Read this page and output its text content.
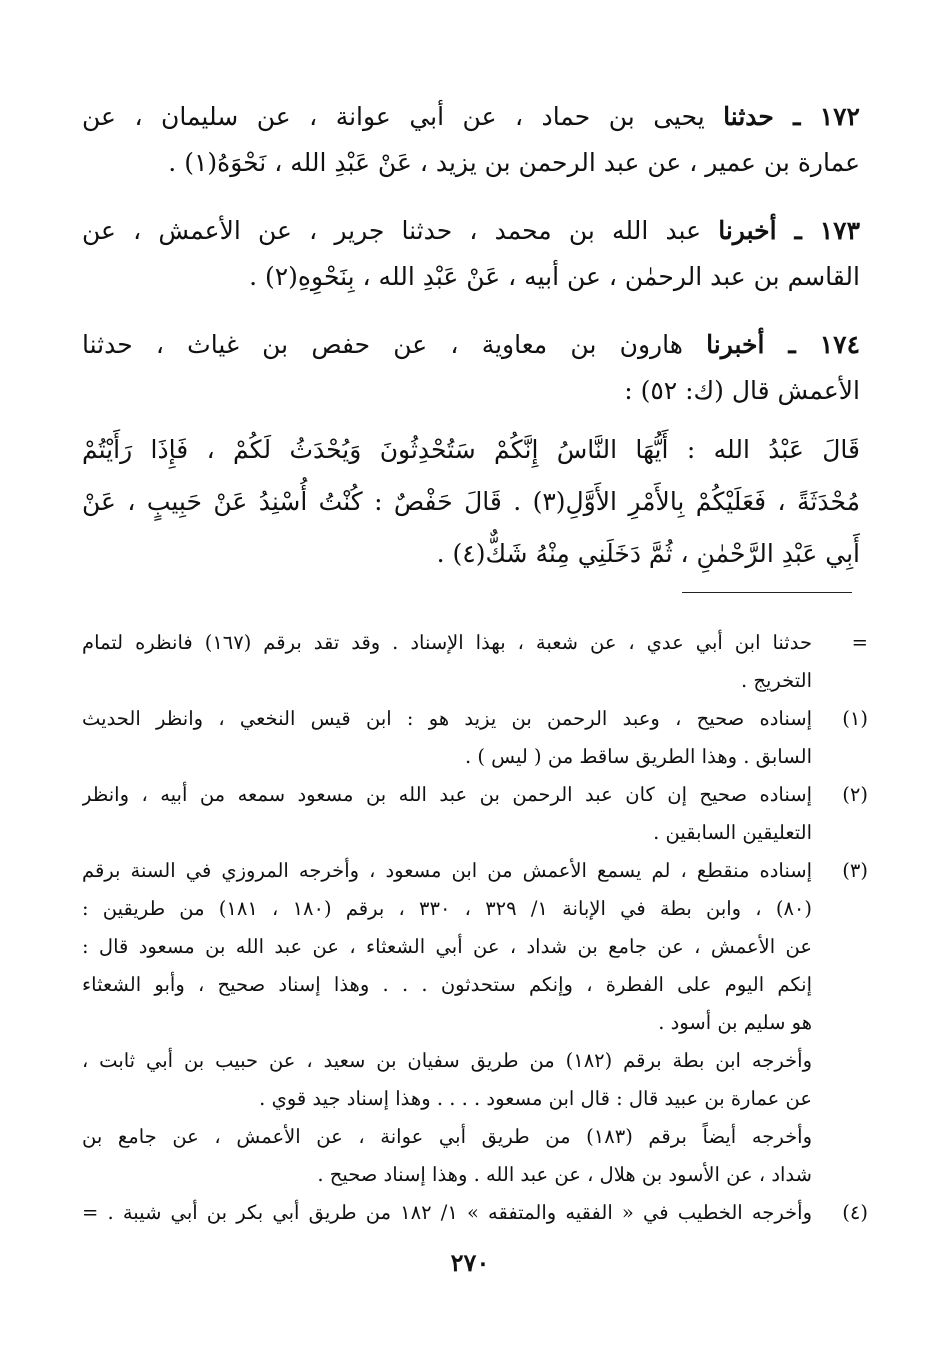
١٧٢ ـ حدثنا يحيى بن حماد ، عن أبي عوانة ، عن سليمان ، عن
عمارة بن عمير ، عن عبد الرحمن بن يزيد ، عَنْ عَبْدِ الله ، نَحْوَهُ(١) .
١٧٣ ـ أخبرنا عبد الله بن محمد ، حدثنا جرير ، عن الأعمش ، عن
القاسم بن عبد الرحمٰن ، عن أبيه ، عَنْ عَبْدِ الله ، بِنَحْوِهِ(٢) .
١٧٤ ـ أخبرنا هارون بن معاوية ، عن حفص بن غياث ، حدثنا
الأعمش قال (ك: ٥٢) :
قَالَ عَبْدُ الله : أَيُّهَا النَّاسُ إِنَّكُمْ سَتُحْدِثُونَ وَيُحْدَثُ لَكُمْ ، فَإِذَا رَأَيْتُمْ
مُحْدَثَةً ، فَعَلَيْكُمْ بِالأَمْرِ الأَوَّلِ(٣) . قَالَ حَفْصٌ : كُنْتُ أُسْنِدُ عَنْ حَبِيبٍ ، عَنْ
أَبِي عَبْدِ الرَّحْمٰنِ ، ثُمَّ دَخَلَنِي مِنْهُ شَكٌّ(٤) .
=
حدثنا ابن أبي عدي ، عن شعبة ، بهذا الإسناد . وقد تقد برقم (١٦٧) فانظره لتمام
التخريج .
(١)
إسناده صحيح ، وعبد الرحمن بن يزيد هو : ابن قيس النخعي ، وانظر الحديث
السابق . وهذا الطريق ساقط من ( ليس ) .
(٢)
إسناده صحيح إن كان عبد الرحمن بن عبد الله بن مسعود سمعه من أبيه ، وانظر
التعليقين السابقين .
(٣)
إسناده منقطع ، لم يسمع الأعمش من ابن مسعود ، وأخرجه المروزي في السنة برقم
(٨٠) ، وابن بطة في الإبانة ١/ ٣٢٩ ، ٣٣٠ ، برقم (١٨٠ ، ١٨١) من طريقين :
عن الأعمش ، عن جامع بن شداد ، عن أبي الشعثاء ، عن عبد الله بن مسعود قال :
إنكم اليوم على الفطرة ، وإنكم ستحدثون . . . وهذا إسناد صحيح ، وأبو الشعثاء
هو سليم بن أسود .
وأخرجه ابن بطة برقم (١٨٢) من طريق سفيان بن سعيد ، عن حبيب بن أبي ثابت ،
عن عمارة بن عبيد قال : قال ابن مسعود . . . . وهذا إسناد جيد قوي .
وأخرجه أيضاً برقم (١٨٣) من طريق أبي عوانة ، عن الأعمش ، عن جامع بن
شداد ، عن الأسود بن هلال ، عن عبد الله . وهذا إسناد صحيح .
(٤)
وأخرجه الخطيب في « الفقيه والمتفقه » ١/ ١٨٢ من طريق أبي بكر بن أبي شيبة . =
٢٧٠
